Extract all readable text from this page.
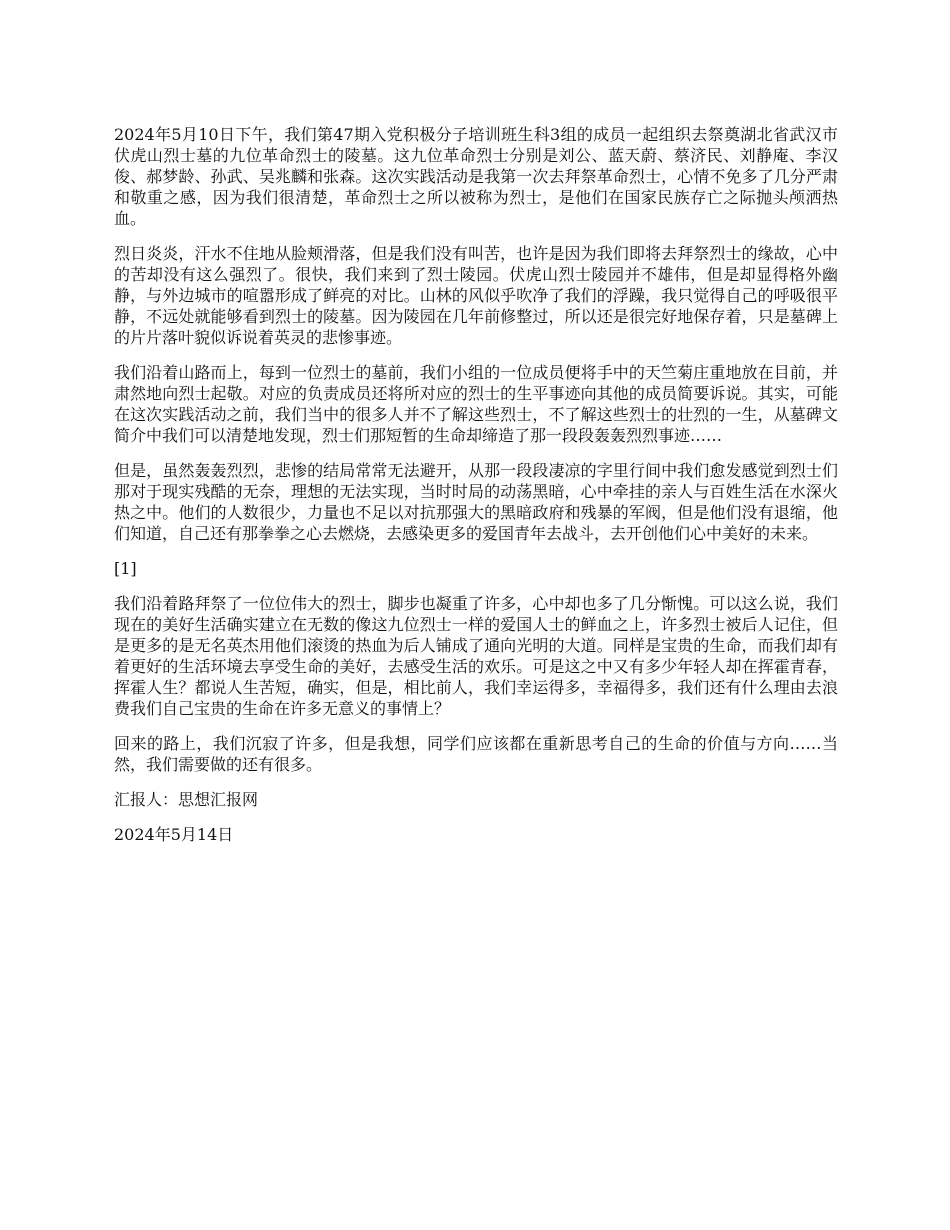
2024年5月10日下午，我们第47期入党积极分子培训班生科3组的成员一起组织去祭奠湖北省武汉市伏虎山烈士墓的九位革命烈士的陵墓。这九位革命烈士分别是刘公、蓝天蔚、蔡济民、刘静庵、李汉俊、郝梦龄、孙武、吴兆麟和张森。这次实践活动是我第一次去拜祭革命烈士，心情不免多了几分严肃和敬重之感，因为我们很清楚，革命烈士之所以被称为烈士，是他们在国家民族存亡之际抛头颅洒热血。

烈日炎炎，汗水不住地从脸颊滑落，但是我们没有叫苦，也许是因为我们即将去拜祭烈士的缘故，心中的苦却没有这么强烈了。很快，我们来到了烈士陵园。伏虎山烈士陵园并不雄伟，但是却显得格外幽静，与外边城市的喧嚣形成了鲜亮的对比。山林的风似乎吹净了我们的浮躁，我只觉得自己的呼吸很平静，不远处就能够看到烈士的陵墓。因为陵园在几年前修整过，所以还是很完好地保存着，只是墓碑上的片片落叶貌似诉说着英灵的悲惨事迹。

我们沿着山路而上，每到一位烈士的墓前，我们小组的一位成员便将手中的天竺菊庄重地放在目前，并肃然地向烈士起敬。对应的负责成员还将所对应的烈士的生平事迹向其他的成员简要诉说。其实，可能在这次实践活动之前，我们当中的很多人并不了解这些烈士，不了解这些烈士的壮烈的一生，从墓碑文简介中我们可以清楚地发现，烈士们那短暂的生命却缔造了那一段段轰轰烈烈事迹……

但是，虽然轰轰烈烈，悲惨的结局常常无法避开，从那一段段凄凉的字里行间中我们愈发感觉到烈士们那对于现实残酷的无奈，理想的无法实现，当时时局的动荡黑暗，心中牵挂的亲人与百姓生活在水深火热之中。他们的人数很少，力量也不足以对抗那强大的黑暗政府和残暴的军阀，但是他们没有退缩，他们知道，自己还有那拳拳之心去燃烧，去感染更多的爱国青年去战斗，去开创他们心中美好的未来。

[1]

我们沿着路拜祭了一位位伟大的烈士，脚步也凝重了许多，心中却也多了几分惭愧。可以这么说，我们现在的美好生活确实建立在无数的像这九位烈士一样的爱国人士的鲜血之上，许多烈士被后人记住，但是更多的是无名英杰用他们滚烫的热血为后人铺成了通向光明的大道。同样是宝贵的生命，而我们却有着更好的生活环境去享受生命的美好，去感受生活的欢乐。可是这之中又有多少年轻人却在挥霍青春，挥霍人生？都说人生苦短，确实，但是，相比前人，我们幸运得多，幸福得多，我们还有什么理由去浪费我们自己宝贵的生命在许多无意义的事情上？

回来的路上，我们沉寂了许多，但是我想，同学们应该都在重新思考自己的生命的价值与方向……当然，我们需要做的还有很多。

汇报人：思想汇报网

2024年5月14日
